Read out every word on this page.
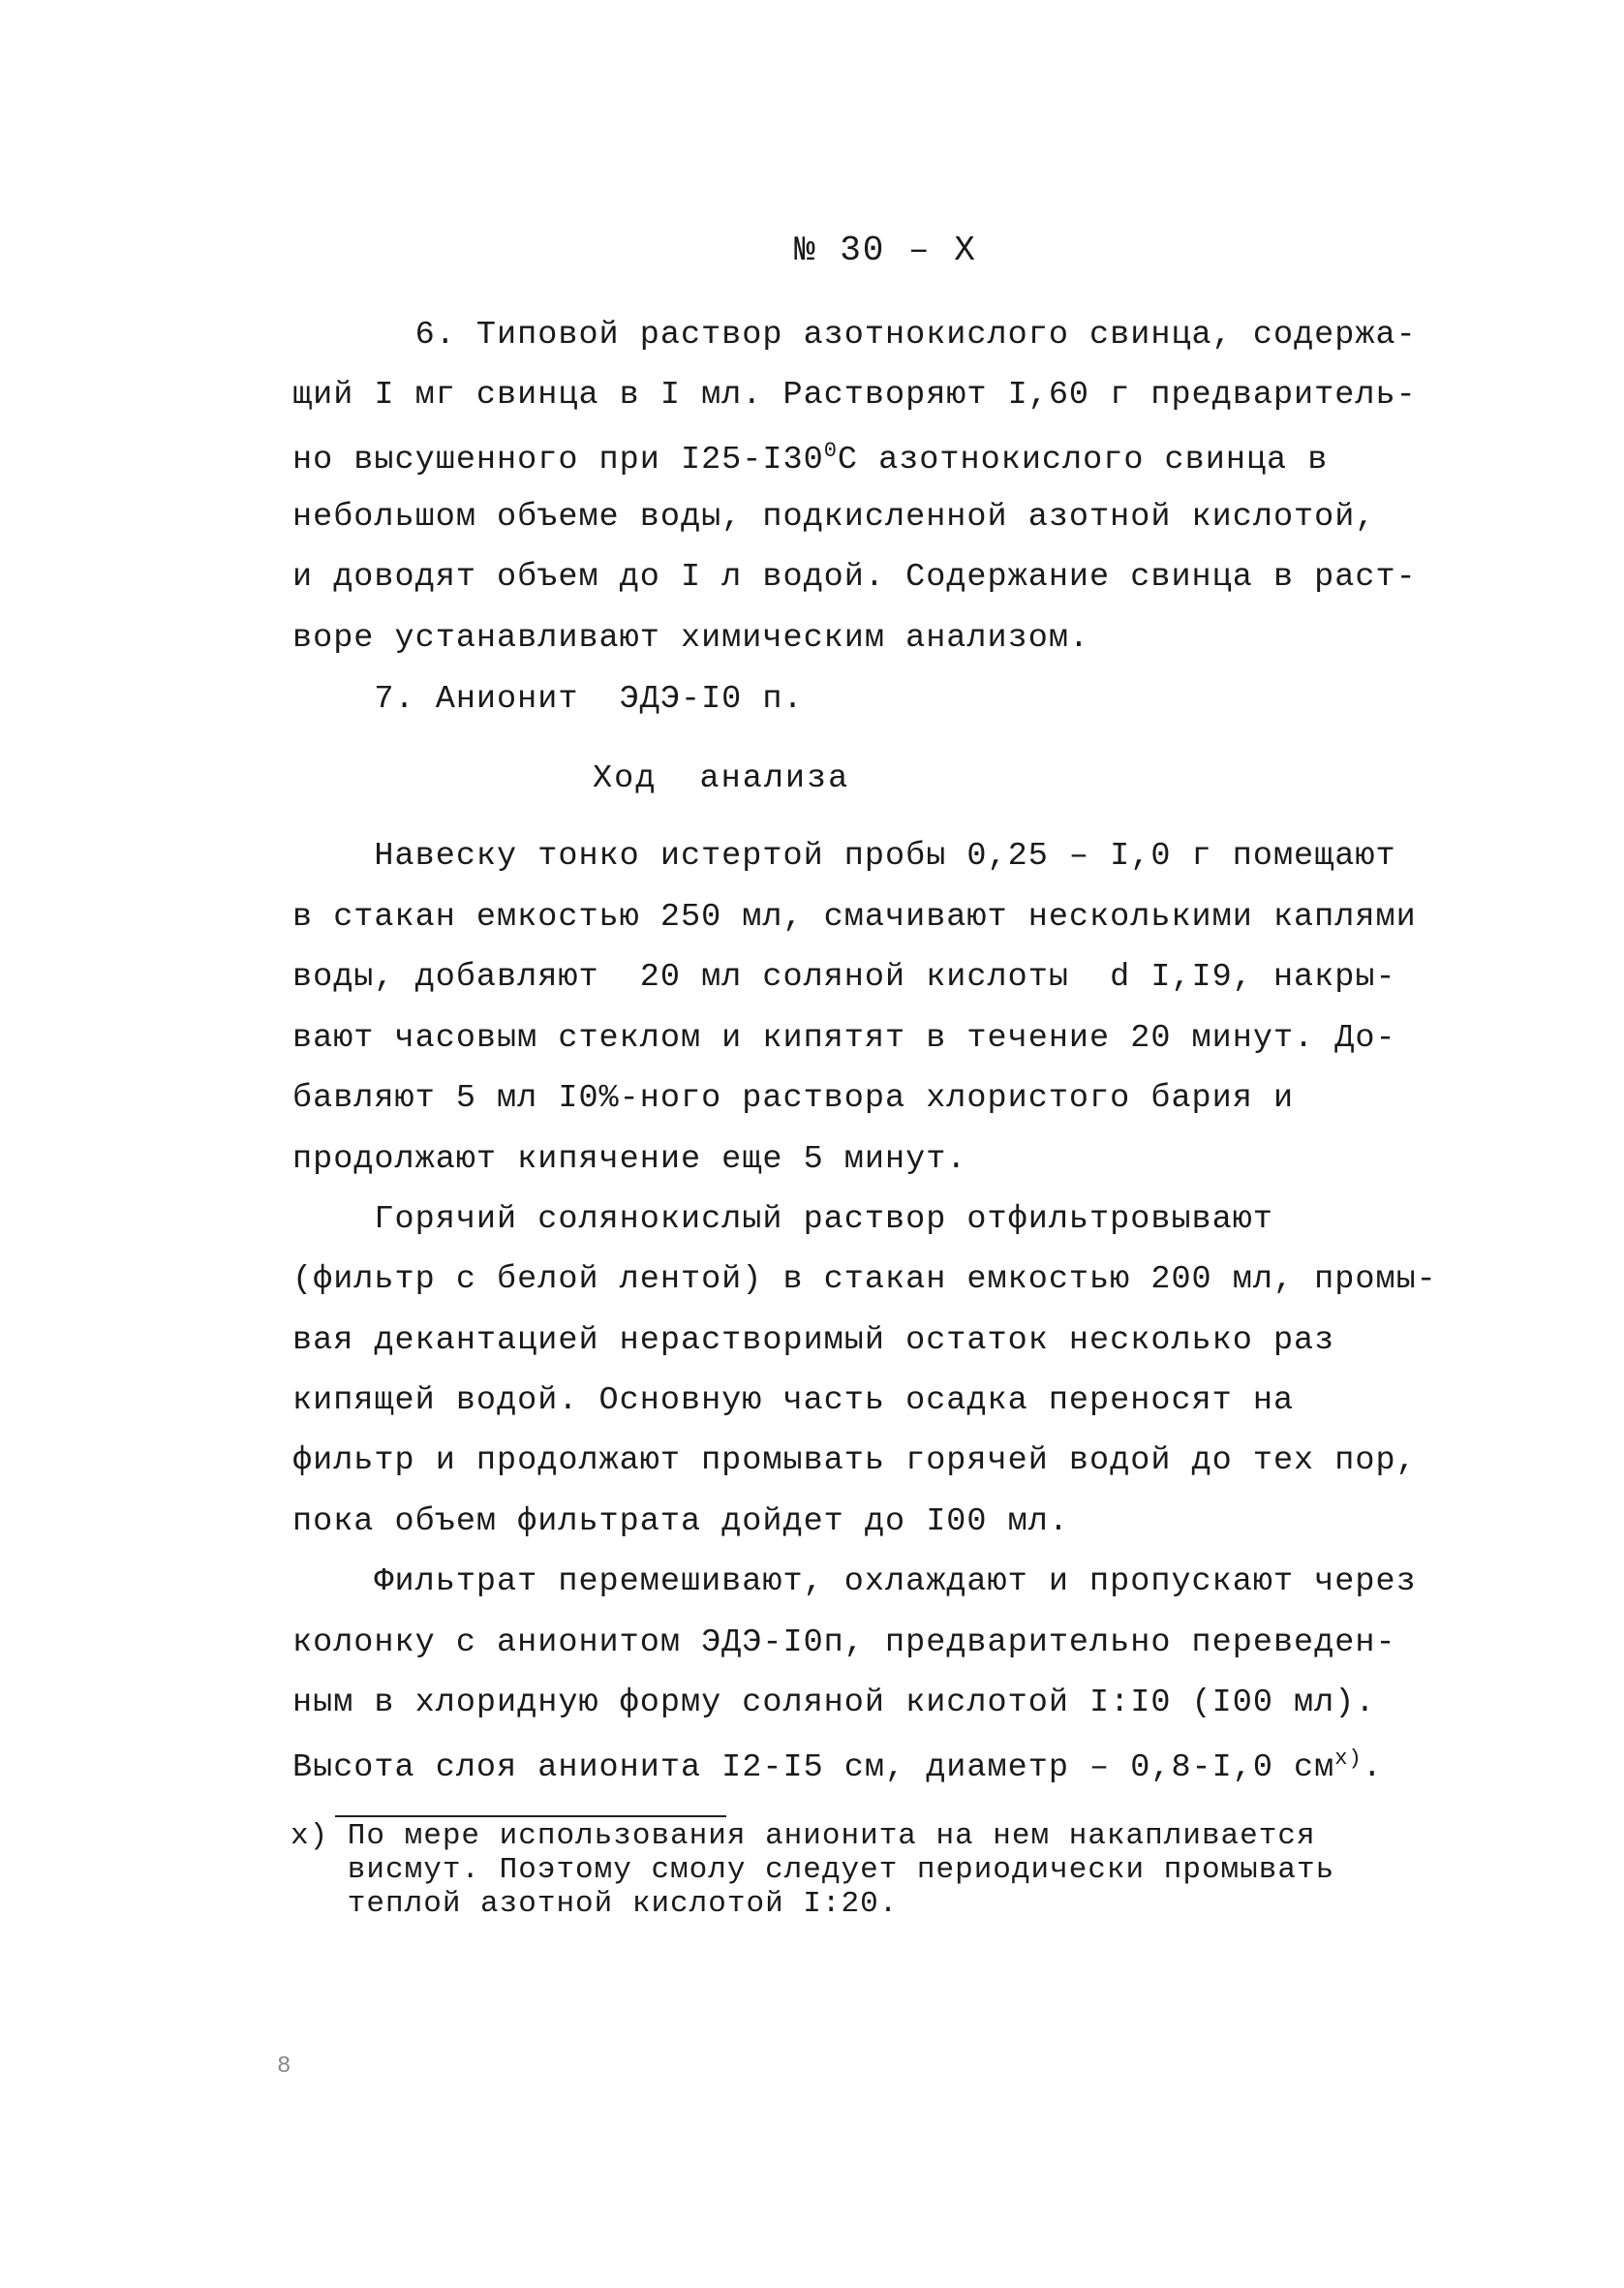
№ 30 – X
6. Типовой раствор азотнокислого свинца, содержа-
щий I мг свинца в I мл. Растворяют I,60 г предваритель-
но высушенного при $I25-I30^0С$ азотнокислого свинца в
небольшом объеме воды, подкисленной азотной кислотой,
и доводят объем до I л водой. Содержание свинца в раст-
воре устанавливают химическим анализом.
7. Анионит  ЭДЭ-I0 п.
Ход  анализа
Навеску тонко истертой пробы 0,25 – I,0 г помещают
в стакан емкостью 250 мл, смачивают несколькими каплями
воды, добавляют  20 мл соляной кислоты  d I,I9, накры-
вают часовым стеклом и кипятят в течение 20 минут. До-
бавляют 5 мл I0%-ного раствора хлористого бария и
продолжают кипячение еще 5 минут.
Горячий солянокислый раствор отфильтровывают
(фильтр с белой лентой) в стакан емкостью 200 мл, промы-
вая декантацией нерастворимый остаток несколько раз
кипящей водой. Основную часть осадка переносят на
фильтр и продолжают промывать горячей водой до тех пор,
пока объем фильтрата дойдет до I00 мл.
Фильтрат перемешивают, охлаждают и пропускают через
колонку с анионитом ЭДЭ-I0п, предварительно переведен-
ным в хлоридную форму соляной кислотой I:I0 (I00 мл).
Высота слоя анионита I2-I5 см, диаметр – 0,8-I,0 $см^{х)}$.
х) По мере использования анионита на нем накапливается
висмут. Поэтому смолу следует периодически промывать
теплой азотной кислотой I:20.
8
